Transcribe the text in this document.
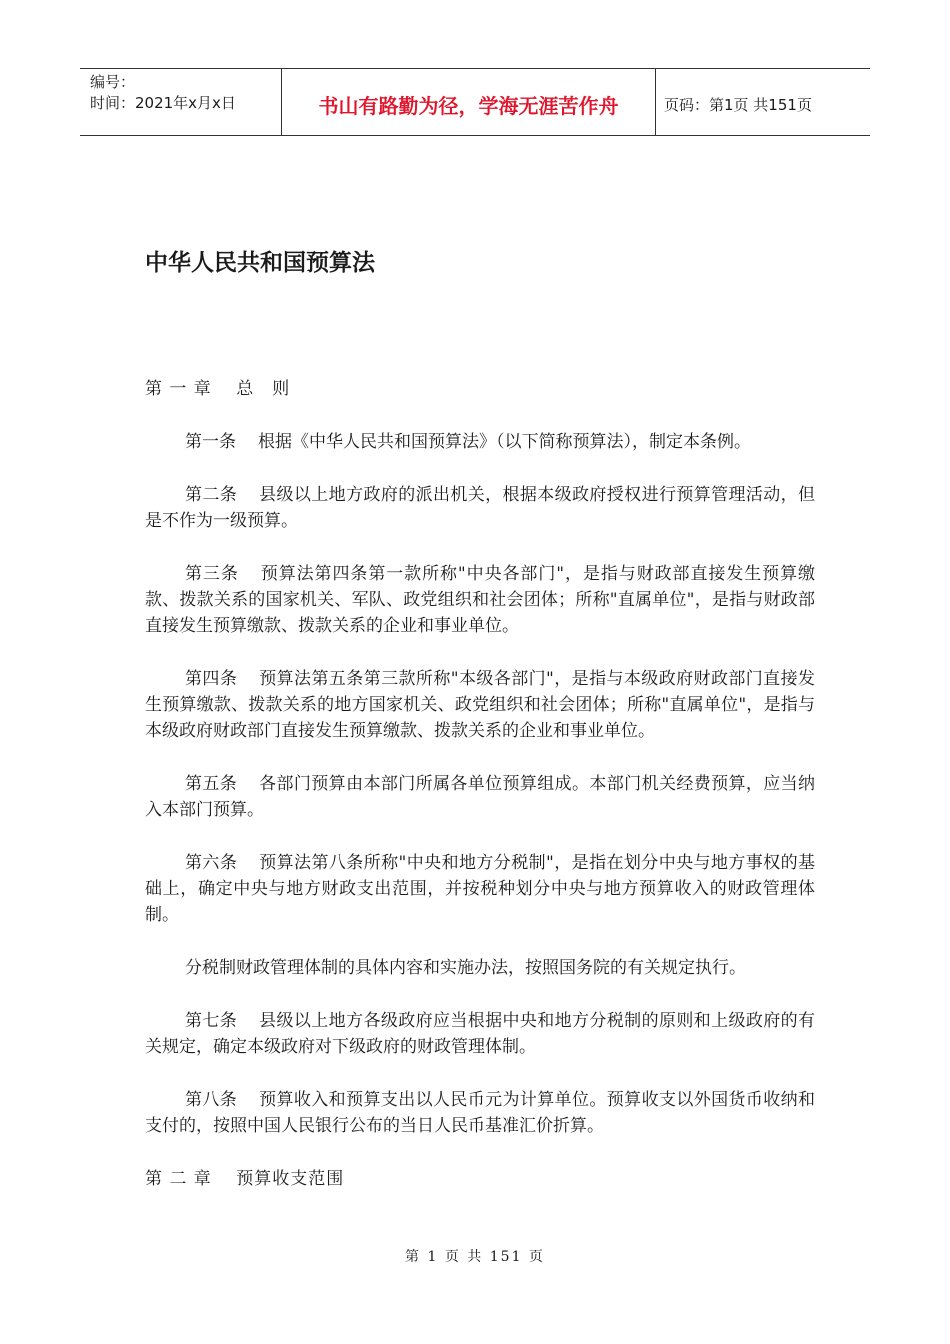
编号：
时间：2021年x月x日	书山有路勤为径，学海无涯苦作舟	页码：第1页 共151页
中华人民共和国预算法

第 一 章　 总　则

第一条 根据《中华人民共和国预算法》（以下简称预算法），制定本条例。

第二条 县级以上地方政府的派出机关，根据本级政府授权进行预算管理活动，但是不作为一级预算。

第三条 预算法第四条第一款所称"中央各部门"，是指与财政部直接发生预算缴款、拨款关系的国家机关、军队、政党组织和社会团体；所称"直属单位"，是指与财政部直接发生预算缴款、拨款关系的企业和事业单位。

第四条 预算法第五条第三款所称"本级各部门"，是指与本级政府财政部门直接发生预算缴款、拨款关系的地方国家机关、政党组织和社会团体；所称"直属单位"，是指与本级政府财政部门直接发生预算缴款、拨款关系的企业和事业单位。

第五条 各部门预算由本部门所属各单位预算组成。本部门机关经费预算，应当纳入本部门预算。

第六条 预算法第八条所称"中央和地方分税制"，是指在划分中央与地方事权的基础上，确定中央与地方财政支出范围，并按税种划分中央与地方预算收入的财政管理体制。

分税制财政管理体制的具体内容和实施办法，按照国务院的有关规定执行。

第七条 县级以上地方各级政府应当根据中央和地方分税制的原则和上级政府的有关规定，确定本级政府对下级政府的财政管理体制。

第八条 预算收入和预算支出以人民币元为计算单位。预算收支以外国货币收纳和支付的，按照中国人民银行公布的当日人民币基准汇价折算。

第 二 章　 预算收支范围

第 1 页 共 151 页
